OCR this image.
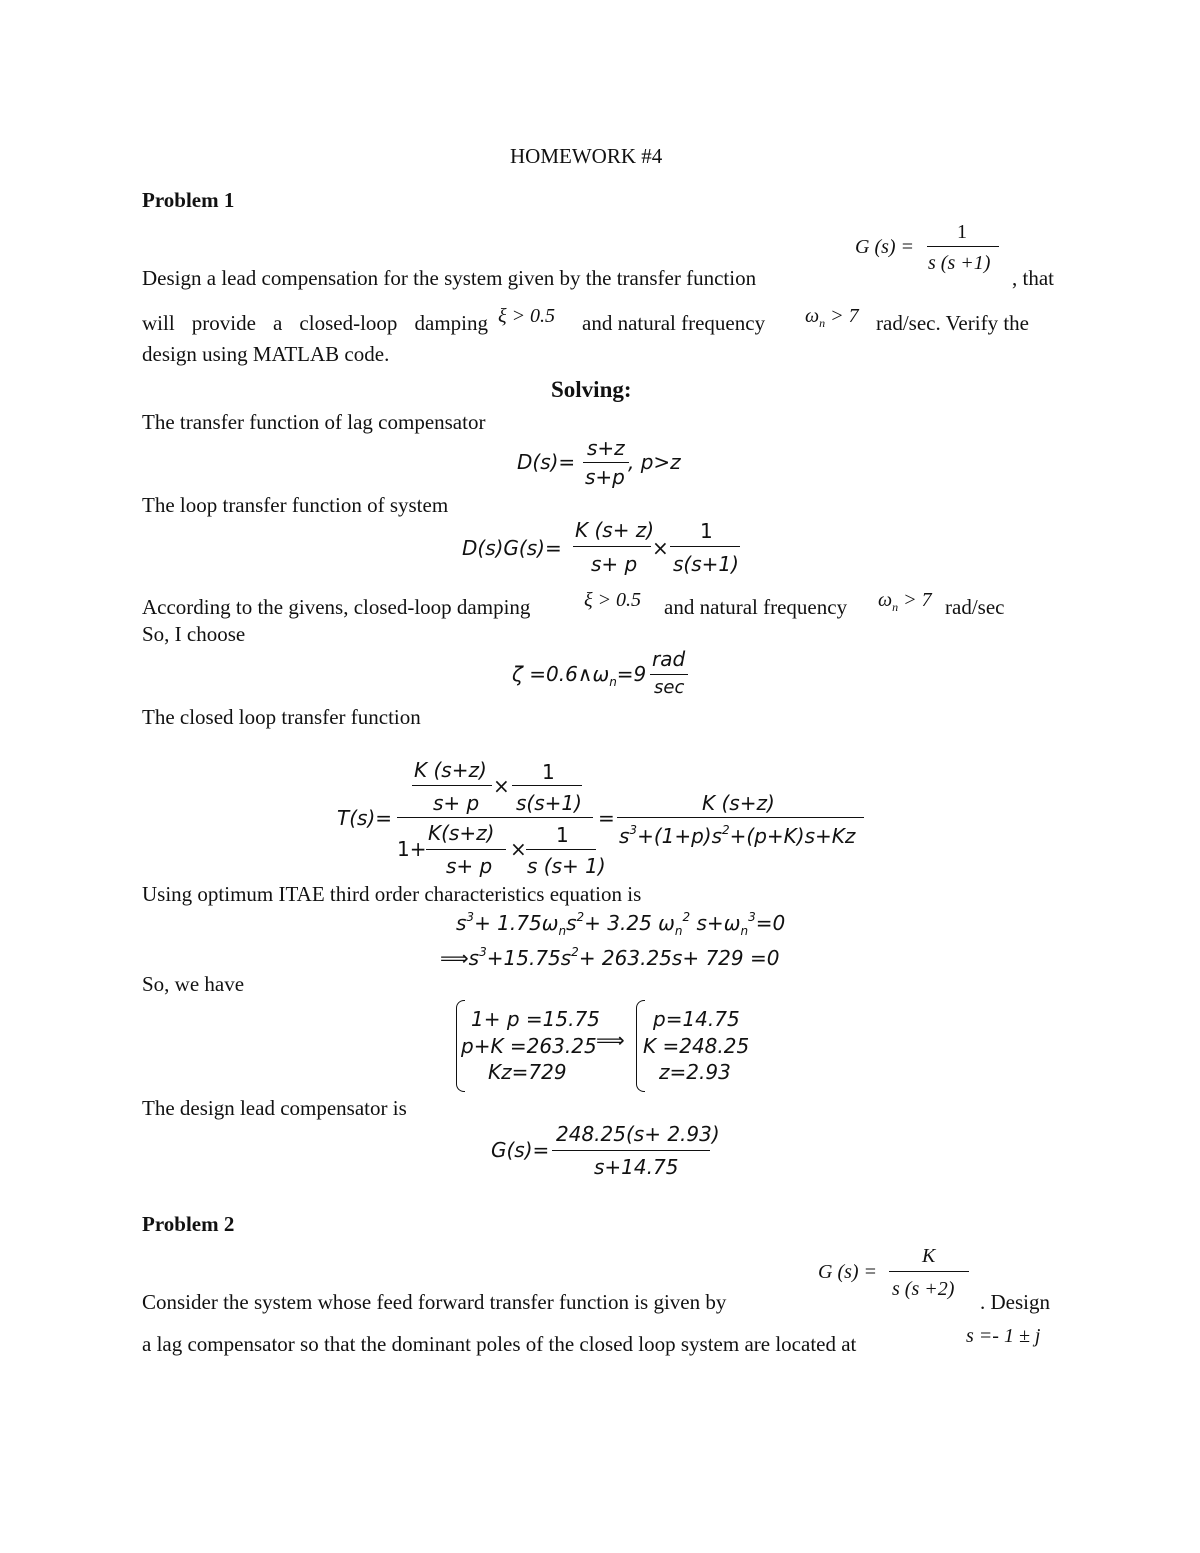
HOMEWORK #4
Problem 1
G (s) =
1
s (s +1)
Design a lead compensation for the system given by the transfer function	, that
will provide a closed-loop damping ξ > 0.5 and natural frequency $\omega_n > 7$ rad/sec. Verify the
design using MATLAB code.
Solving:
The transfer function of lag compensator
D(s)=
s+z
s+p
, p>z
The loop transfer function of system
D(s)G(s)=
K (s+ z)
s+ p
×
1
s(s+1)
According to the givens, closed-loop damping	ξ > 0.5 and natural frequency $\omega_n > 7$ rad/sec
So, I choose
$\zeta =0.6\wedge\omega_n=9$
rad
sec
The closed loop transfer function
T(s)=
K (s+z)
s+ p
×
1
s(s+1)
1+
K(s+z)
s+ p
×
1
s (s+ 1)
=
K (s+z)
$s^3+(1+p)s^2+(p+K)s+Kz$
Using optimum ITAE third order characteristics equation is
$s^3+ 1.75\omega_ns^2+ 3.25$ $\omega_n^2$ $s+\omega_n^3=0$
$⟹s^3+15.75s^2+ 263.25s+ 729 =0$
So, we have
1+ p =15.75
p+K =263.25
Kz=729
⟹
p=14.75
K =248.25
z=2.93
The design lead compensator is
G(s)=
248.25(s+ 2.93)
s+14.75
Problem 2
G (s) =
K
s (s +2)
Consider the system whose feed forward transfer function is given by	. Design
a lag compensator so that the dominant poles of the closed loop system are located at	s =- 1 ± j
